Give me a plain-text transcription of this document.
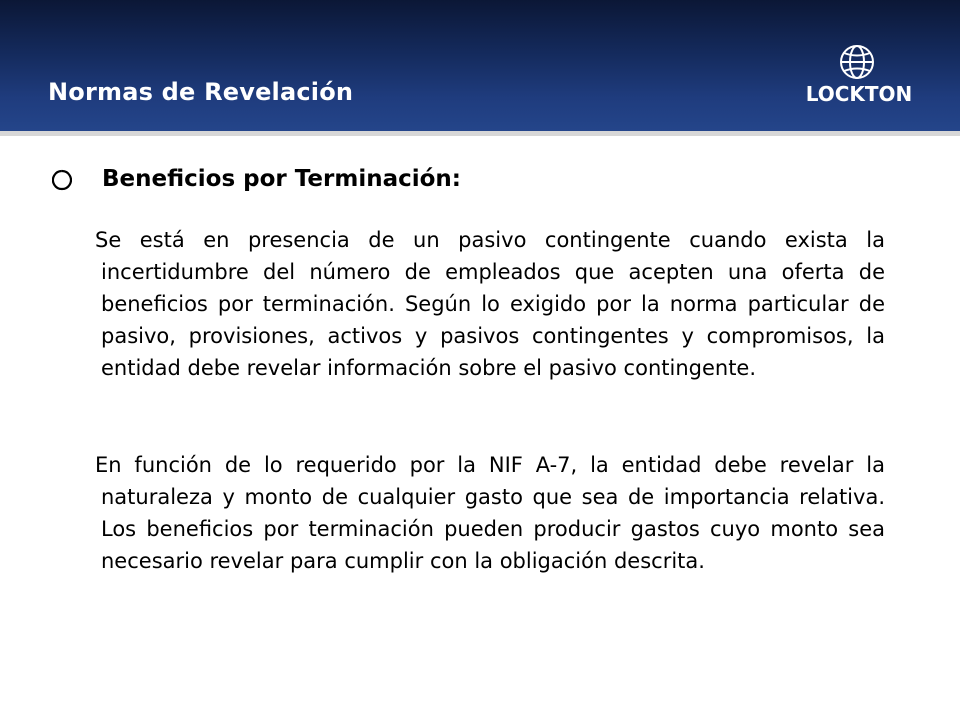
Normas de Revelación	LOCKTON
Beneficios por Terminación:
Se está en presencia de un pasivo contingente cuando exista la incertidumbre del número de empleados que acepten una oferta de beneficios por terminación. Según lo exigido por la norma particular de pasivo, provisiones, activos y pasivos contingentes y compromisos, la entidad debe revelar información sobre el pasivo contingente.
En función de lo requerido por la NIF A-7, la entidad debe revelar la naturaleza y monto de cualquier gasto que sea de importancia relativa. Los beneficios por terminación pueden producir gastos cuyo monto sea necesario revelar para cumplir con la obligación descrita.
